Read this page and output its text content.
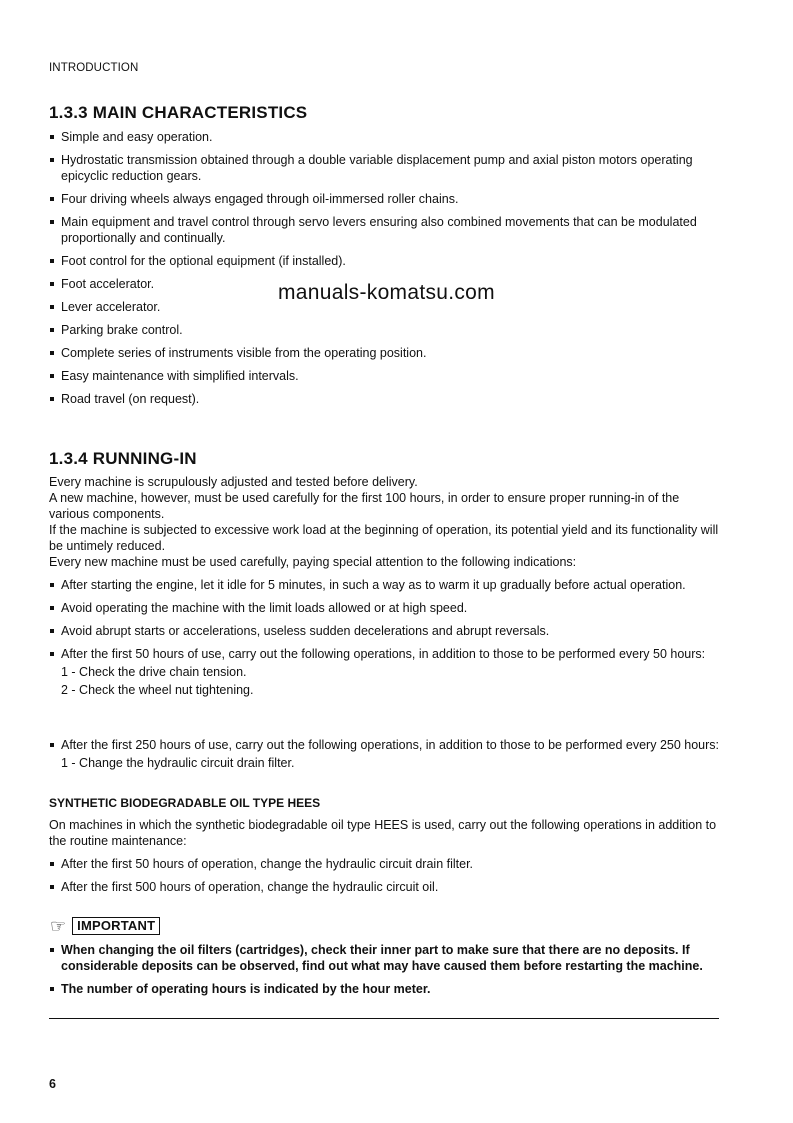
INTRODUCTION
1.3.3 MAIN CHARACTERISTICS
Simple and easy operation.
Hydrostatic transmission obtained through a double variable displacement pump and axial piston motors operating epicyclic reduction gears.
Four driving wheels always engaged through oil-immersed roller chains.
Main equipment and travel control through servo levers ensuring also combined movements that can be modulated proportionally and continually.
Foot control for the optional equipment (if installed).
Foot accelerator.
Lever accelerator.
Parking brake control.
Complete series of instruments visible from the operating position.
Easy maintenance with simplified intervals.
Road travel (on request).
manuals-komatsu.com
1.3.4 RUNNING-IN
Every machine is scrupulously adjusted and tested before delivery.
A new machine, however, must be used carefully for the first 100 hours, in order to ensure proper running-in of the various components.
If the machine is subjected to excessive work load at the beginning of operation, its potential yield and its functionality will be untimely reduced.
Every new machine must be used carefully, paying special attention to the following indications:
After starting the engine, let it idle for 5 minutes, in such a way as to warm it up gradually before actual operation.
Avoid operating the machine with the limit loads allowed or at high speed.
Avoid abrupt starts or accelerations, useless sudden decelerations and abrupt reversals.
After the first 50 hours of use, carry out the following operations, in addition to those to be performed every 50 hours:
1 - Check the drive chain tension.
2 - Check the wheel nut tightening.
After the first 250 hours of use, carry out the following operations, in addition to those to be performed every 250 hours:
1 - Change the hydraulic circuit drain filter.
SYNTHETIC BIODEGRADABLE OIL TYPE HEES
On machines in which the synthetic biodegradable oil type HEES is used, carry out the following operations in addition to the routine maintenance:
After the first 50 hours of operation, change the hydraulic circuit drain filter.
After the first 500 hours of operation, change the hydraulic circuit oil.
☞ IMPORTANT
When changing the oil filters (cartridges), check their inner part to make sure that there are no deposits. If considerable deposits can be observed, find out what may have caused them before restarting the machine.
The number of operating hours is indicated by the hour meter.
6
